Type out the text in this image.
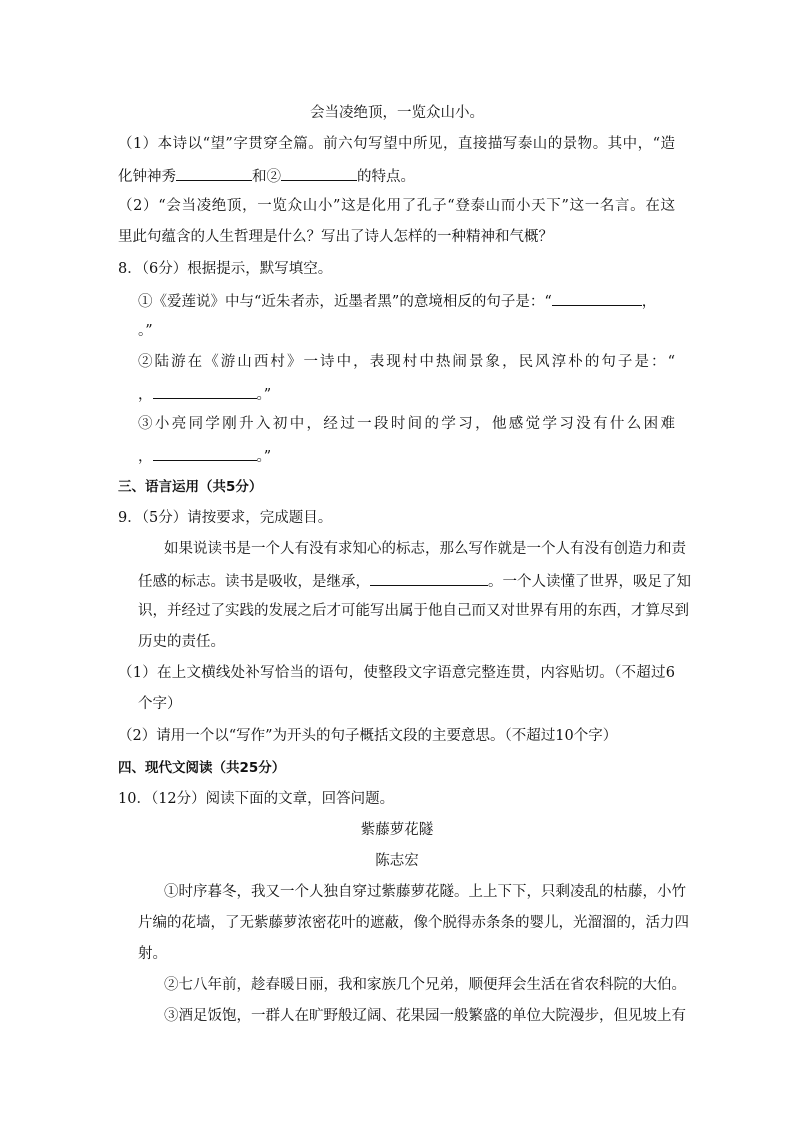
会当凌绝顶，一览众山小。
（1）本诗以“望”字贯穿全篇。前六句写望中所见，直接描写泰山的景物。其中，“造
化钟神秀	和②	的特点。
（2）“会当凌绝顶，一览众山小”这是化用了孔子“登泰山而小天下”这一名言。在这
里此句蕴含的人生哲理是什么？写出了诗人怎样的一种精神和气概？
8．（6分）根据提示，默写填空。
①《爱莲说》中与“近朱者赤，近墨者黑”的意境相反的句子是：“	，
。”
②陆游在《游山西村》一诗中，表现村中热闹景象，民风淳朴的句子是：“
，	。”
③小亮同学刚升入初中，经过一段时间的学习，他感觉学习没有什么困难
，	。”
三、语言运用（共5分）
9．（5分）请按要求，完成题目。
如果说读书是一个人有没有求知心的标志，那么写作就是一个人有没有创造力和责
任感的标志。读书是吸收，是继承，	。一个人读懂了世界，吸足了知
识，并经过了实践的发展之后才可能写出属于他自己而又对世界有用的东西，才算尽到
历史的责任。
（1）在上文横线处补写恰当的语句，使整段文字语意完整连贯，内容贴切。（不超过6
个字）
（2）请用一个以“写作”为开头的句子概括文段的主要意思。（不超过10个字）
四、现代文阅读（共25分）
10．（12分）阅读下面的文章，回答问题。
紫藤萝花隧
陈志宏
①时序暮冬，我又一个人独自穿过紫藤萝花隧。上上下下，只剩凌乱的枯藤，小竹
片编的花墙，了无紫藤萝浓密花叶的遮蔽，像个脱得赤条条的婴儿，光溜溜的，活力四
射。
②七八年前，趁春暖日丽，我和家族几个兄弟，顺便拜会生活在省农科院的大伯。
③酒足饭饱，一群人在旷野般辽阔、花果园一般繁盛的单位大院漫步，但见坡上有
